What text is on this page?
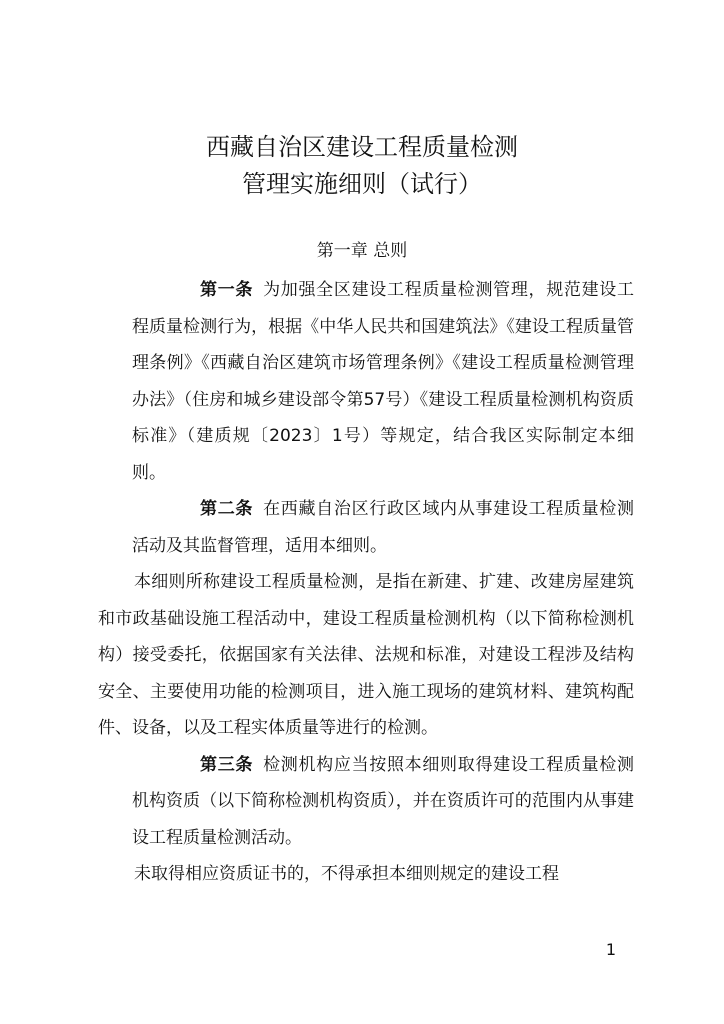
西藏自治区建设工程质量检测
管理实施细则（试行）
第一章 总则

第一条 为加强全区建设工程质量检测管理，规范建设工程质量检测行为，根据《中华人民共和国建筑法》《建设工程质量管理条例》《西藏自治区建筑市场管理条例》《建设工程质量检测管理办法》（住房和城乡建设部令第57号）《建设工程质量检测机构资质标准》（建质规〔2023〕1号）等规定，结合我区实际制定本细则。

第二条 在西藏自治区行政区域内从事建设工程质量检测活动及其监督管理，适用本细则。

本细则所称建设工程质量检测，是指在新建、扩建、改建房屋建筑和市政基础设施工程活动中，建设工程质量检测机构（以下简称检测机构）接受委托，依据国家有关法律、法规和标准，对建设工程涉及结构安全、主要使用功能的检测项目，进入施工现场的建筑材料、建筑构配件、设备，以及工程实体质量等进行的检测。

第三条 检测机构应当按照本细则取得建设工程质量检测机构资质（以下简称检测机构资质），并在资质许可的范围内从事建设工程质量检测活动。

未取得相应资质证书的，不得承担本细则规定的建设工程

1
